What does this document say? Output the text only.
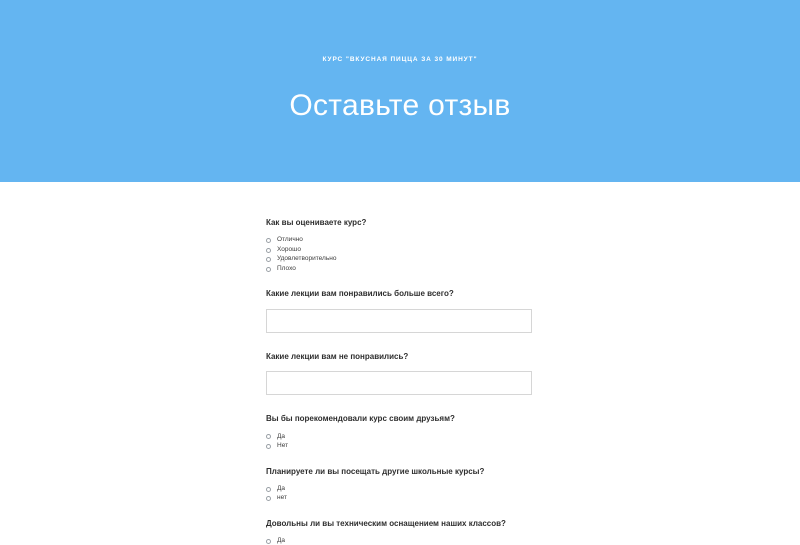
КУРС "ВКУСНАЯ ПИЦЦА ЗА 30 МИНУТ"
Оставьте отзыв
Как вы оцениваете курс?
Отлично
Хорошо
Удовлетворительно
Плохо
Какие лекции вам понравились больше всего?
Какие лекции вам не понравились?
Вы бы порекомендовали курс своим друзьям?
Да
Нет
Планируете ли вы посещать другие школьные курсы?
Да
нет
Довольны ли вы техническим оснащением наших классов?
Да
